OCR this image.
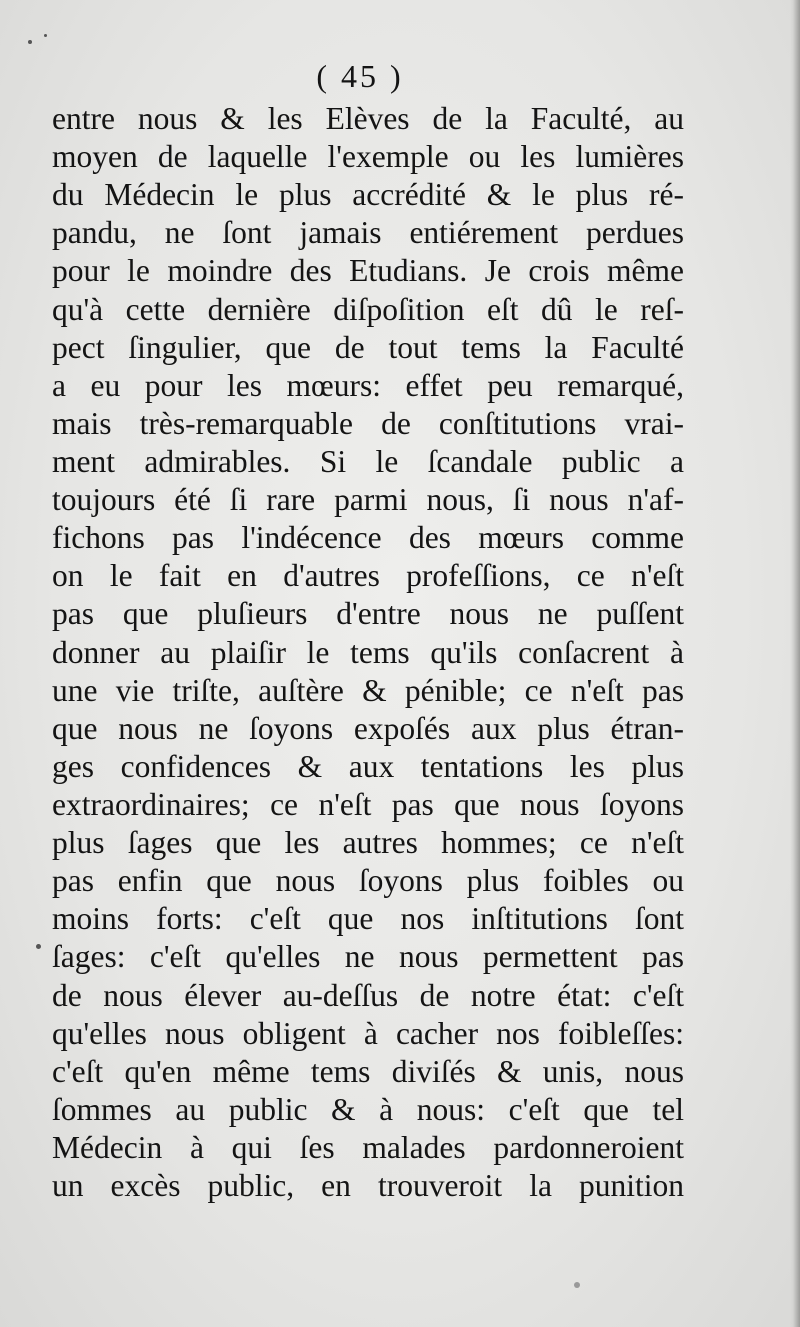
( 45 )

entre nous & les Elèves de la Faculté, au
moyen de laquelle l'exemple ou les lumières
du Médecin le plus accrédité & le plus ré-
pandu, ne ſont jamais entiérement perdues
pour le moindre des Etudians. Je crois même
qu'à cette dernière diſpoſition eſt dû le reſ-
pect ſingulier, que de tout tems la Faculté
a eu pour les mœurs: effet peu remarqué,
mais très-remarquable de conſtitutions vrai-
ment admirables. Si le ſcandale public a
toujours été ſi rare parmi nous, ſi nous n'af-
fichons pas l'indécence des mœurs comme
on le fait en d'autres profeſſions, ce n'eſt
pas que pluſieurs d'entre nous ne puſſent
donner au plaiſir le tems qu'ils conſacrent à
une vie triſte, auſtère & pénible; ce n'eſt pas
que nous ne ſoyons expoſés aux plus étran-
ges confidences & aux tentations les plus
extraordinaires; ce n'eſt pas que nous ſoyons
plus ſages que les autres hommes; ce n'eſt
pas enfin que nous ſoyons plus foibles ou
moins forts: c'eſt que nos inſtitutions ſont
ſages: c'eſt qu'elles ne nous permettent pas
de nous élever au-deſſus de notre état: c'eſt
qu'elles nous obligent à cacher nos foibleſſes:
c'eſt qu'en même tems diviſés & unis, nous
ſommes au public & à nous: c'eſt que tel
Médecin à qui ſes malades pardonneroient
un excès public, en trouveroit la punition
